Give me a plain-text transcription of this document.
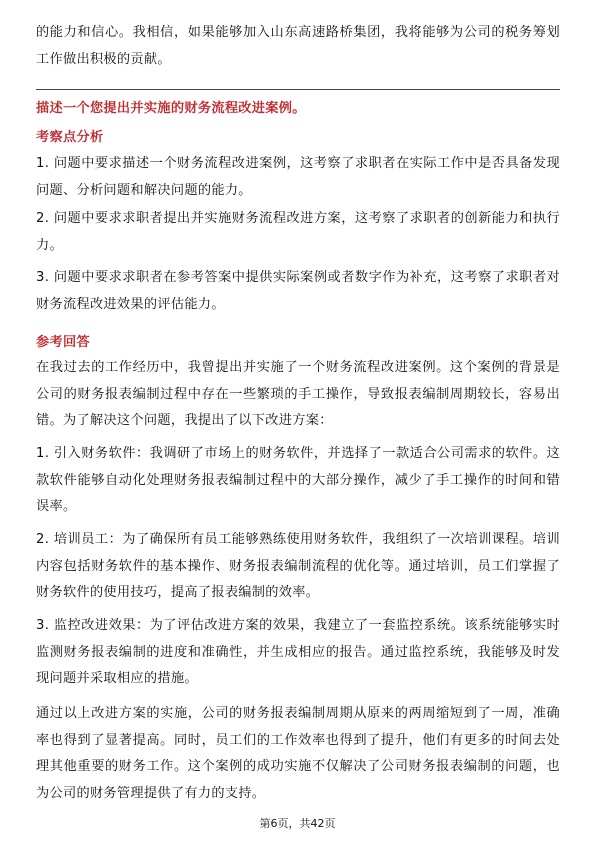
的能力和信心。我相信，如果能够加入山东高速路桥集团，我将能够为公司的税务筹划工作做出积极的贡献。

描述一个您提出并实施的财务流程改进案例。

考察点分析

1. 问题中要求描述一个财务流程改进案例，这考察了求职者在实际工作中是否具备发现问题、分析问题和解决问题的能力。

2. 问题中要求求职者提出并实施财务流程改进方案，这考察了求职者的创新能力和执行力。

3. 问题中要求求职者在参考答案中提供实际案例或者数字作为补充，这考察了求职者对财务流程改进效果的评估能力。

参考回答

在我过去的工作经历中，我曾提出并实施了一个财务流程改进案例。这个案例的背景是公司的财务报表编制过程中存在一些繁琐的手工操作，导致报表编制周期较长，容易出错。为了解决这个问题，我提出了以下改进方案：

1. 引入财务软件：我调研了市场上的财务软件，并选择了一款适合公司需求的软件。这款软件能够自动化处理财务报表编制过程中的大部分操作，减少了手工操作的时间和错误率。

2. 培训员工：为了确保所有员工能够熟练使用财务软件，我组织了一次培训课程。培训内容包括财务软件的基本操作、财务报表编制流程的优化等。通过培训，员工们掌握了财务软件的使用技巧，提高了报表编制的效率。

3. 监控改进效果：为了评估改进方案的效果，我建立了一套监控系统。该系统能够实时监测财务报表编制的进度和准确性，并生成相应的报告。通过监控系统，我能够及时发现问题并采取相应的措施。

通过以上改进方案的实施，公司的财务报表编制周期从原来的两周缩短到了一周，准确率也得到了显著提高。同时，员工们的工作效率也得到了提升，他们有更多的时间去处理其他重要的财务工作。这个案例的成功实施不仅解决了公司财务报表编制的问题，也为公司的财务管理提供了有力的支持。

第6页，共42页
